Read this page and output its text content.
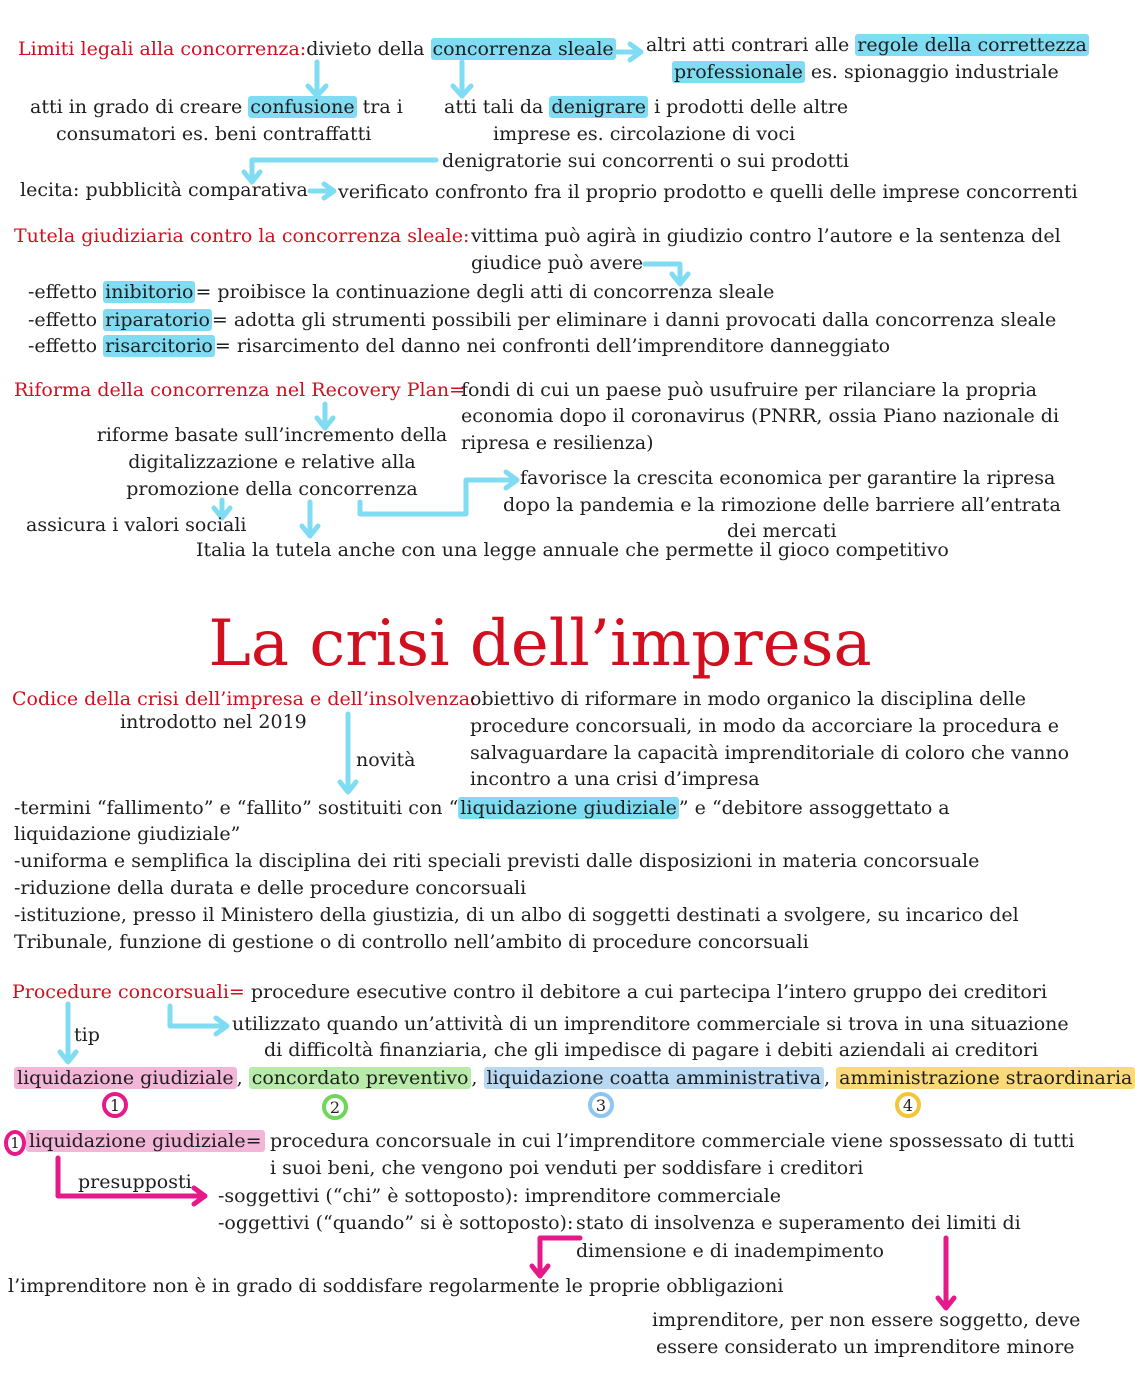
Limiti legali alla concorrenza:divieto della concorrenza sleale altri atti contrari alle regole della correttezza
professionale es. spionaggio industriale
atti in grado di creare confusione tra i
consumatori es. beni contraffatti
atti tali da denigrare i prodotti delle altre
imprese es. circolazione di voci
denigratorie sui concorrenti o sui prodotti
lecita: pubblicità comparativa verificato confronto fra il proprio prodotto e quelli delle imprese concorrenti
Tutela giudiziaria contro la concorrenza sleale: vittima può agirà in giudizio contro l’autore e la sentenza del
giudice può avere
-effetto inibitorio = proibisce la continuazione degli atti di concorrenza sleale
-effetto riparatorio = adotta gli strumenti possibili per eliminare i danni provocati dalla concorrenza sleale
-effetto risarcitorio = risarcimento del danno nei confronti dell’imprenditore danneggiato
Riforma della concorrenza nel Recovery Plan=
fondi di cui un paese può usufruire per rilanciare la propria
economia dopo il coronavirus (PNRR, ossia Piano nazionale di
ripresa e resilienza)
riforme basate sull’incremento della
digitalizzazione e relative alla
promozione della concorrenza	favorisce la crescita economica per garantire la ripresa
dopo la pandemia e la rimozione delle barriere all’entrata
dei mercati
assicura i valori sociali
Italia la tutela anche con una legge annuale che permette il gioco competitivo
La crisi dell’impresa
Codice della crisi dell’impresa e dell’insolvenza:
introdotto nel 2019
obiettivo di riformare in modo organico la disciplina delle
procedure concorsuali, in modo da accorciare la procedura e
salvaguardare la capacità imprenditoriale di coloro che vanno
incontro a una crisi d’impresa
novità
-termini “fallimento” e “fallito” sostituiti con “ liquidazione giudiziale ” e “debitore assoggettato a
liquidazione giudiziale”
-uniforma e semplifica la disciplina dei riti speciali previsti dalle disposizioni in materia concorsuale
-riduzione della durata e delle procedure concorsuali
-istituzione, presso il Ministero della giustizia, di un albo di soggetti destinati a svolgere, su incarico del
Tribunale, funzione di gestione o di controllo nell’ambito di procedure concorsuali
Procedure concorsuali= procedure esecutive contro il debitore a cui partecipa l’intero gruppo dei creditori
tip	utilizzato quando un’attività di un imprenditore commerciale si trova in una situazione
di difficoltà finanziaria, che gli impedisce di pagare i debiti aziendali ai creditori
liquidazione giudiziale , concordato preventivo , liquidazione coatta amministrativa , amministrazione straordinaria
1	2	3	4
1 liquidazione giudiziale= procedura concorsuale in cui l’imprenditore commerciale viene spossessato di tutti
i suoi beni, che vengono poi venduti per soddisfare i creditori
presupposti
-soggettivi (“chi” è sottoposto): imprenditore commerciale
-oggettivi (“quando” si è sottoposto): stato di insolvenza e superamento dei limiti di
dimensione e di inadempimento
l’imprenditore non è in grado di soddisfare regolarmente le proprie obbligazioni
imprenditore, per non essere soggetto, deve
essere considerato un imprenditore minore
